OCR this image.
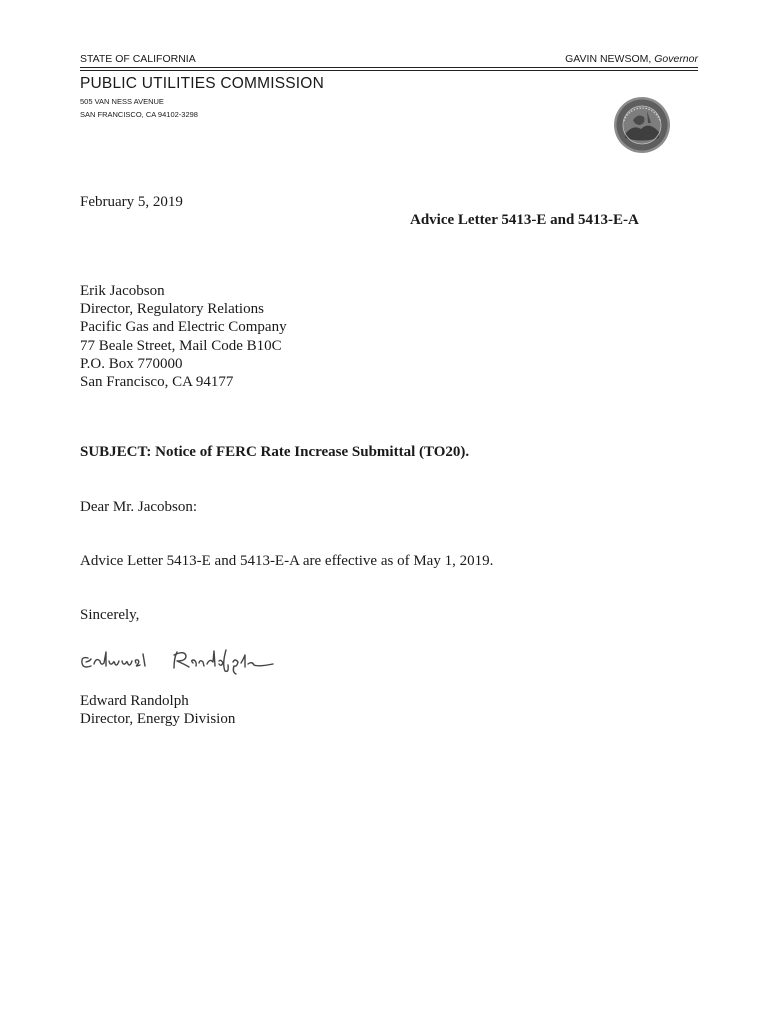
STATE OF CALIFORNIA	GAVIN NEWSOM, Governor
PUBLIC UTILITIES COMMISSION
505 VAN NESS AVENUE
SAN FRANCISCO, CA 94102-3298
February 5, 2019
Advice Letter 5413-E and 5413-E-A
Erik Jacobson
Director, Regulatory Relations
Pacific Gas and Electric Company
77 Beale Street, Mail Code B10C
P.O. Box 770000
San Francisco, CA 94177
SUBJECT: Notice of FERC Rate Increase Submittal (TO20).
Dear Mr. Jacobson:
Advice Letter 5413-E and 5413-E-A are effective as of May 1, 2019.
Sincerely,
Edward Randolph
Director, Energy Division
